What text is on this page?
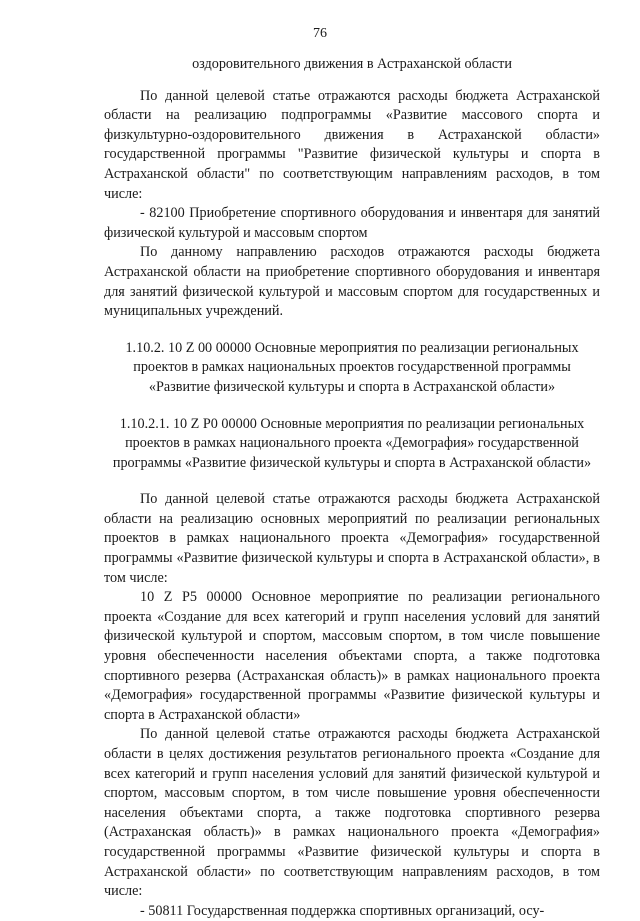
76

оздоровительного движения в Астраханской области

По данной целевой статье отражаются расходы бюджета Астраханской области на реализацию подпрограммы «Развитие массового спорта и физкультурно-оздоровительного движения в Астраханской области» государственной программы "Развитие физической культуры и спорта в Астраханской области" по соответствующим направлениям расходов, в том числе:

- 82100 Приобретение спортивного оборудования и инвентаря для занятий физической культурой и массовым спортом

По данному направлению расходов отражаются расходы бюджета Астраханской области на приобретение спортивного оборудования и инвентаря для занятий физической культурой и массовым спортом для государственных и муниципальных учреждений.

1.10.2. 10 Z 00 00000 Основные мероприятия по реализации региональных проектов в рамках национальных проектов государственной программы «Развитие физической культуры и спорта в Астраханской области»

1.10.2.1. 10 Z P0 00000 Основные мероприятия по реализации региональных проектов в рамках национального проекта «Демография» государственной программы «Развитие физической культуры и спорта в Астраханской области»

По данной целевой статье отражаются расходы бюджета Астраханской области на реализацию основных мероприятий по реализации региональных проектов в рамках национального проекта «Демография» государственной программы «Развитие физической культуры и спорта в Астраханской области», в том числе:

10 Z P5 00000 Основное мероприятие по реализации регионального проекта «Создание для всех категорий и групп населения условий для занятий физической культурой и спортом, массовым спортом, в том числе повышение уровня обеспеченности населения объектами спорта, а также подготовка спортивного резерва (Астраханская область)» в рамках национального проекта «Демография» государственной программы «Развитие физической культуры и спорта в Астраханской области»

По данной целевой статье отражаются расходы бюджета Астраханской области в целях достижения результатов регионального проекта «Создание для всех категорий и групп населения условий для занятий физической культурой и спортом, массовым спортом, в том числе повышение уровня обеспеченности населения объектами спорта, а также подготовка спортивного резерва (Астраханская область)» в рамках национального проекта «Демография» государственной программы «Развитие физической культуры и спорта в Астраханской области» по соответствующим направлениям расходов, в том числе:

- 50811 Государственная поддержка спортивных организаций, осу-
